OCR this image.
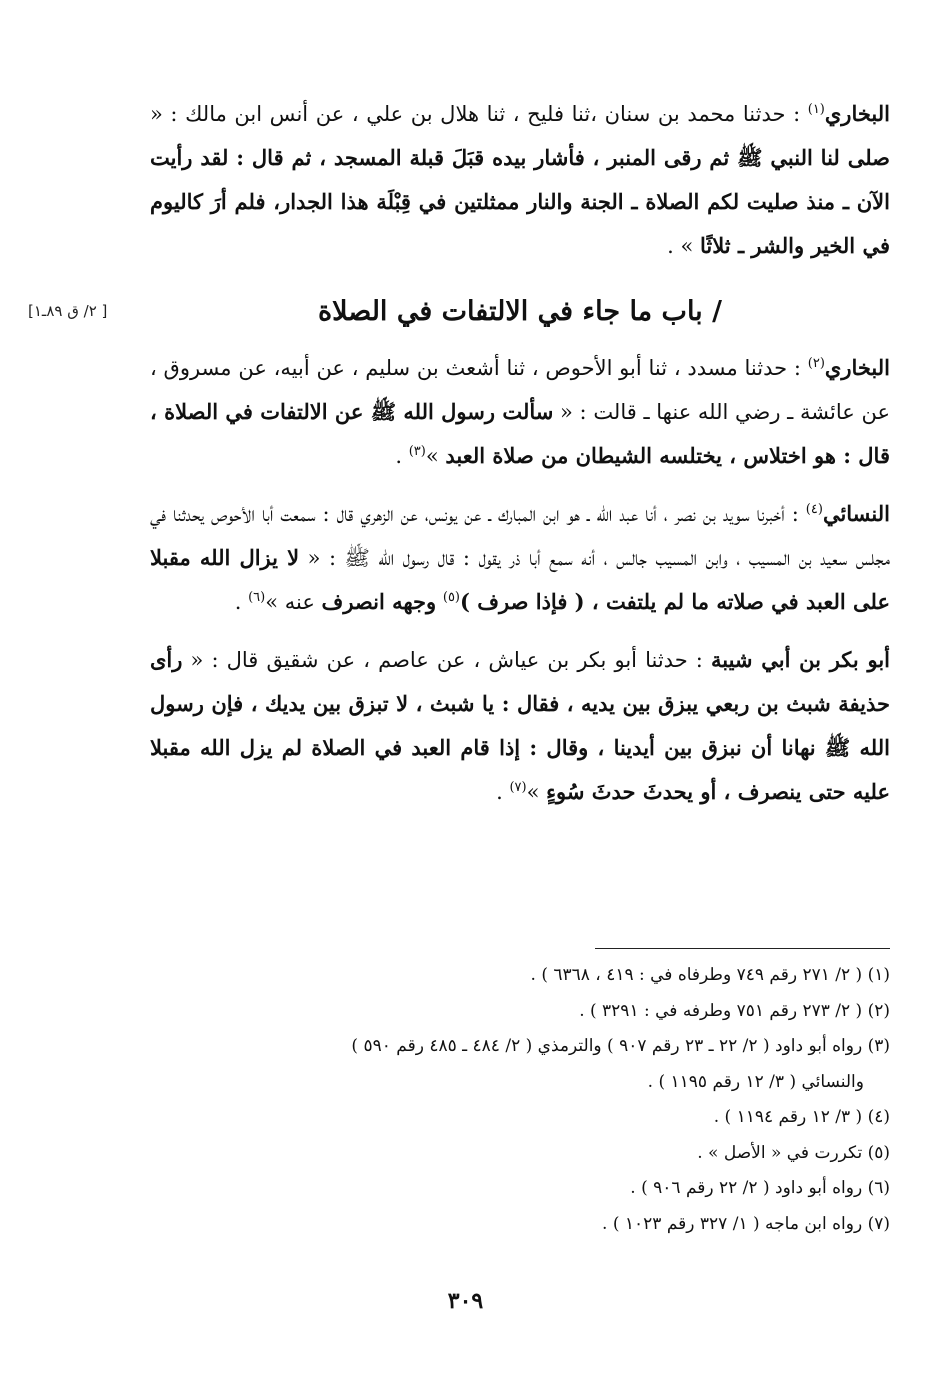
[ ٢/ ق ٨٩ـ١]

البخاري$^{(١)}$ : حدثنا محمد بن سنان ،ثنا فليح ، ثنا هلال بن علي ، عن أنس ابن مالك : « صلى لنا النبي ﷺ ثم رقى المنبر ، فأشار بيده قبَلَ قبلة المسجد ، ثم قال : لقد رأيت الآن ـ منذ صليت لكم الصلاة ـ الجنة والنار ممثلتين في قِبْلَة هذا الجدار، فلم أرَ كاليوم في الخير والشر ـ ثلاثًا » .

/ باب ما جاء في الالتفات في الصلاة

البخاري$^{(٢)}$ : حدثنا مسدد ، ثنا أبو الأحوص ، ثنا أشعث بن سليم ، عن أبيه، عن مسروق ، عن عائشة ـ رضي الله عنها ـ قالت : « سألت رسول الله ﷺ عن الالتفات في الصلاة ، قال : هو اختلاس ، يختلسه الشيطان من صلاة العبد »$^{(٣)}$ .

النسائي$^{(٤)}$ : أخبرنا سويد بن نصر ، أنا عبد الله ـ هو ابن المبارك ـ عن يونس، عن الزهري قال : سمعت أبا الأحوص يحدثنا في مجلس سعيد بن المسيب ، وابن المسيب جالس ، أنه سمع أبا ذر يقول : قال رسول الله ﷺ : « لا يزال الله مقبلا على العبد في صلاته ما لم يلتفت ، ( فإذا صرف )$^{(٥)}$ وجهه انصرف عنه »$^{(٦)}$ .

أبو بكر بن أبي شيبة : حدثنا أبو بكر بن عياش ، عن عاصم ، عن شقيق قال : « رأى حذيفة شبث بن ربعي يبزق بين يديه ، فقال : يا شبث ، لا تبزق بين يديك ، فإن رسول الله ﷺ نهانا أن نبزق بين أيدينا ، وقال : إذا قام العبد في الصلاة لم يزل الله مقبلا عليه حتى ينصرف ، أو يحدثَ حدثَ سُوءٍ »$^{(٧)}$ .

(١) ( ٢/ ٢٧١ رقم ٧٤٩ وطرفاه في : ٤١٩ ، ٦٣٦٨ ) .

(٢) ( ٢/ ٢٧٣ رقم ٧٥١ وطرفه في : ٣٢٩١ ) .

(٣) رواه أبو داود ( ٢/ ٢٢ ـ ٢٣ رقم ٩٠٧ ) والترمذي ( ٢/ ٤٨٤ ـ ٤٨٥ رقم ٥٩٠ )

والنسائي ( ٣/ ١٢ رقم ١١٩٥ ) .

(٤) ( ٣/ ١٢ رقم ١١٩٤ ) .

(٥) تكررت في « الأصل » .

(٦) رواه أبو داود ( ٢/ ٢٢ رقم ٩٠٦ ) .

(٧) رواه ابن ماجه ( ١/ ٣٢٧ رقم ١٠٢٣ ) .

٣٠٩
